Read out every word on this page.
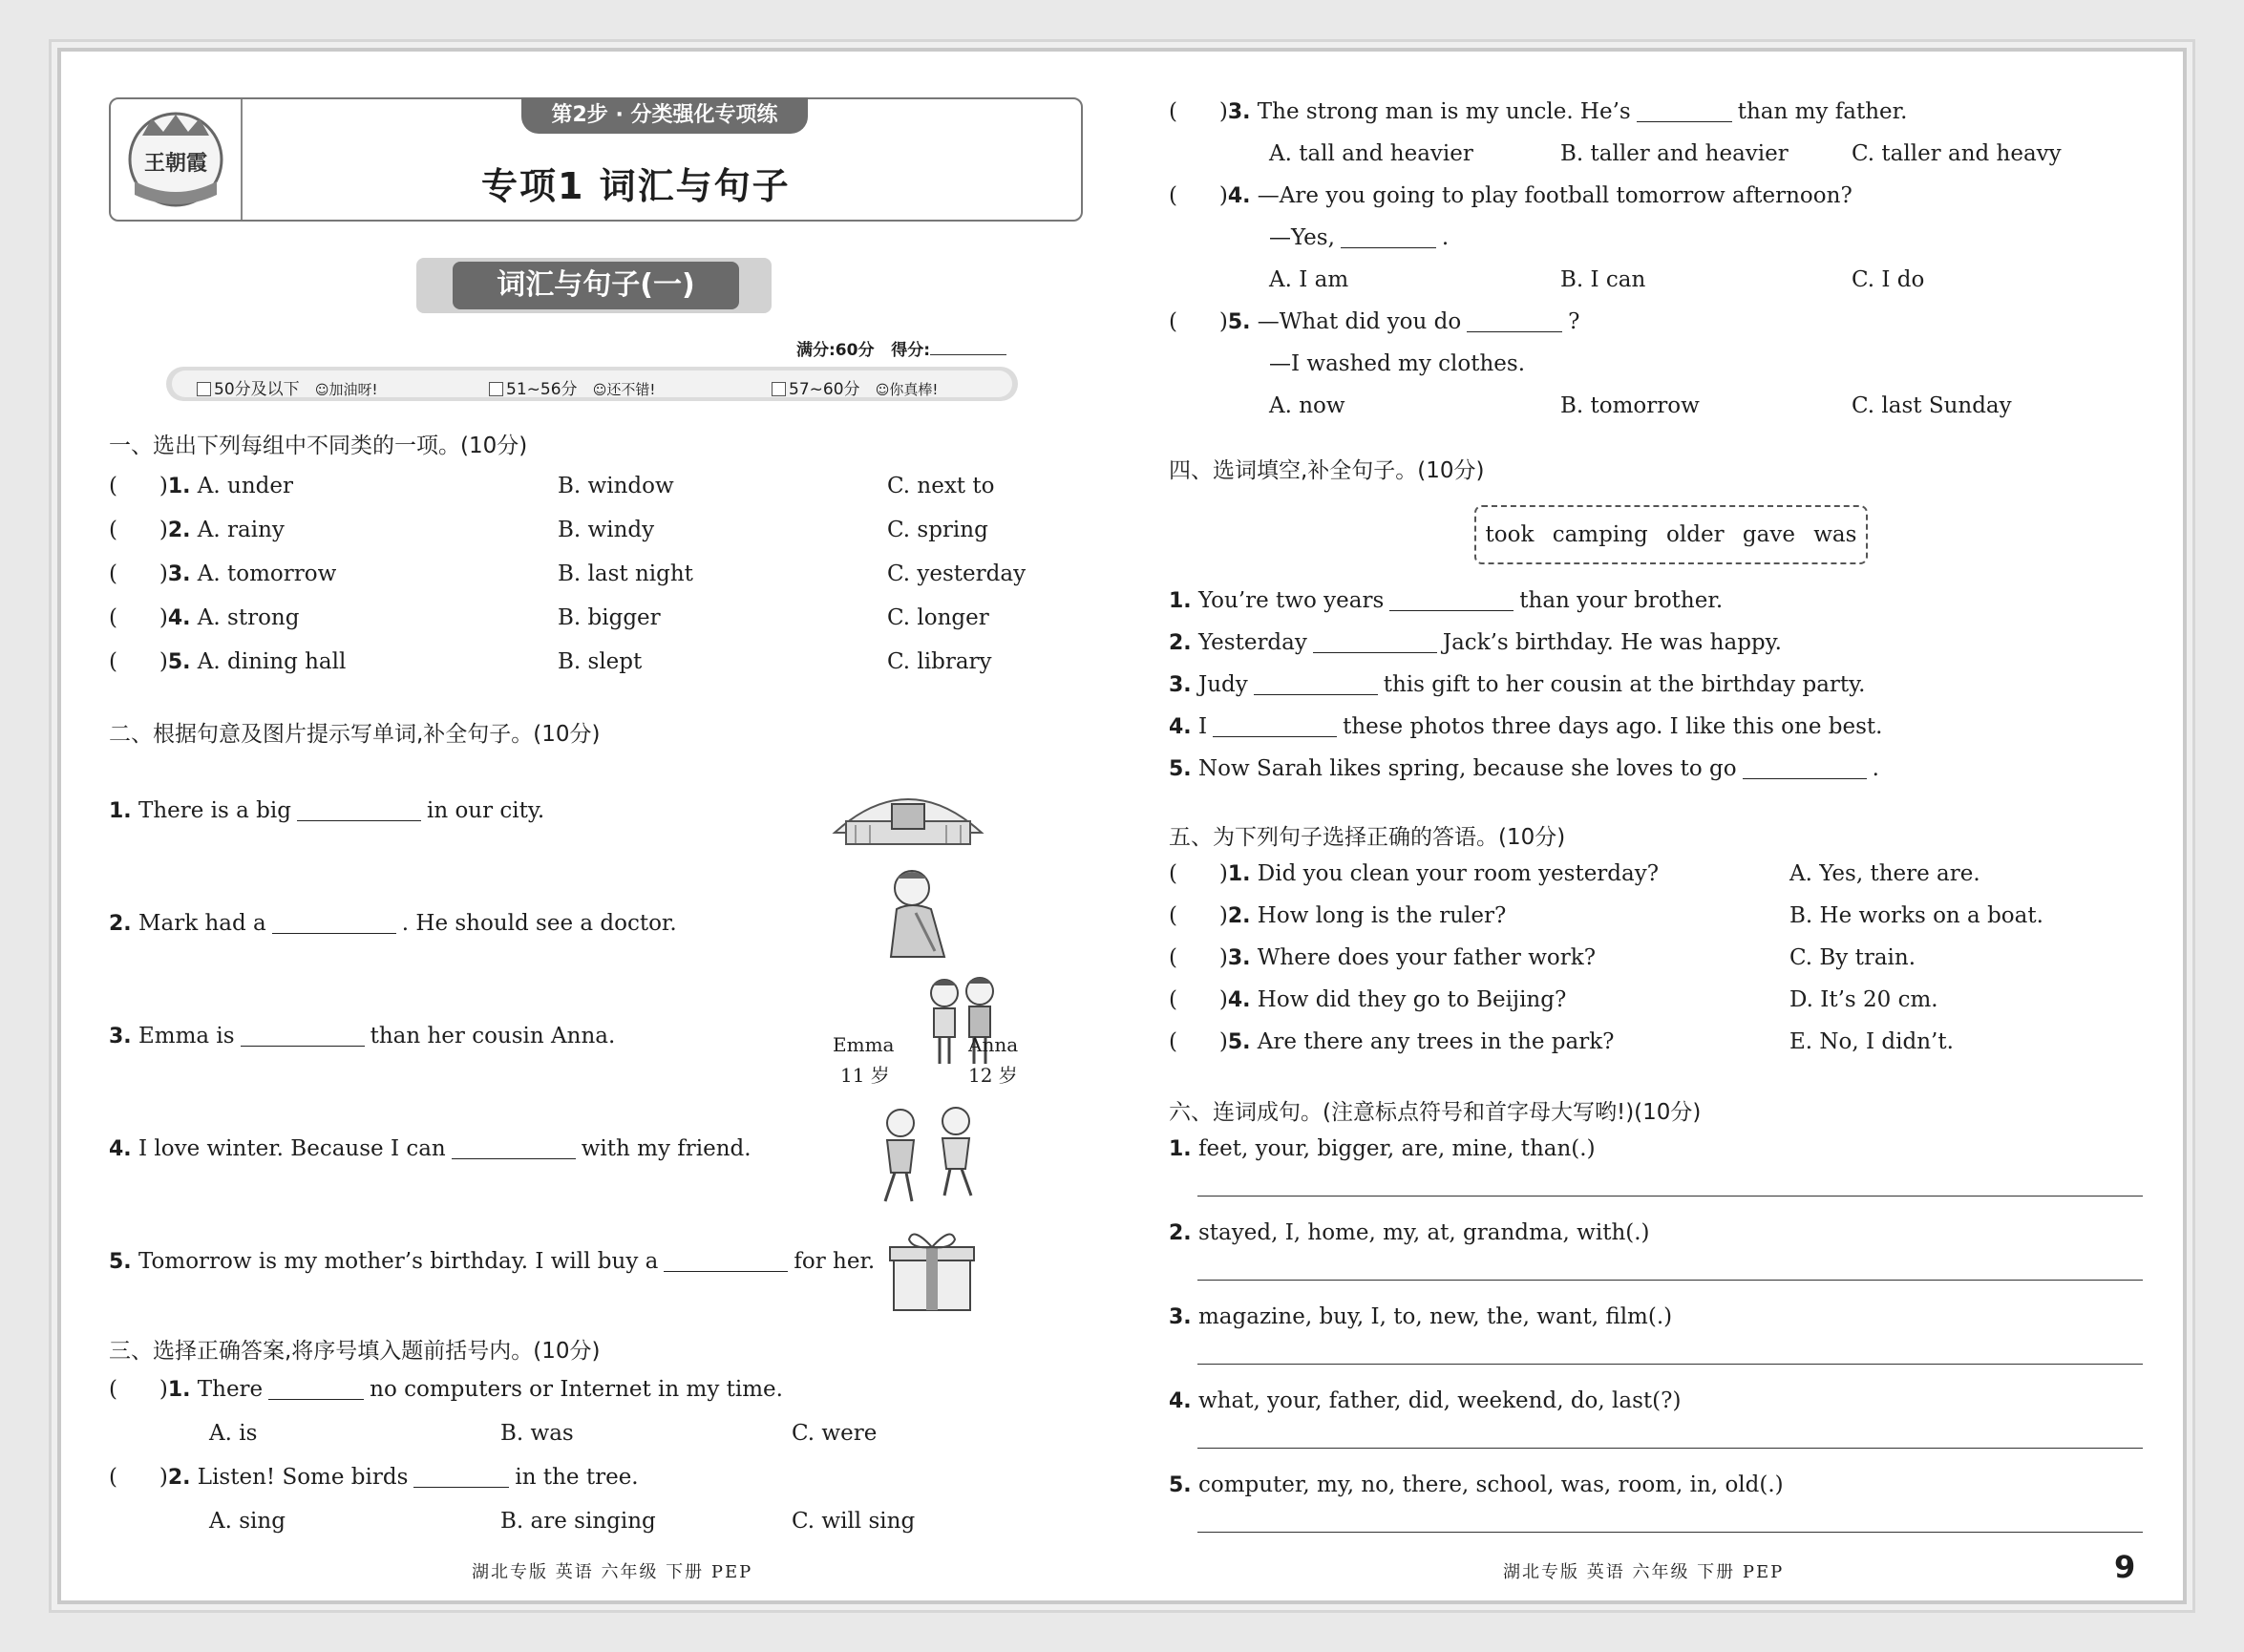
王朝霞
第2步 · 分类强化专项练
专项1 词汇与句子
词汇与句子(一)
满分:60分 得分:
50分及以下 ☺加油呀!	51~56分 ☺还不错!	57~60分 ☺你真棒!
一、选出下列每组中不同类的一项。(10分)
(      )1. A. under	B. window	C. next to
(      )2. A. rainy	B. windy	C. spring
(      )3. A. tomorrow	B. last night	C. yesterday
(      )4. A. strong	B. bigger	C. longer
(      )5. A. dining hall	B. slept	C. library
二、根据句意及图片提示写单词,补全句子。(10分)
1. There is a big	in our city.
2. Mark had a	. He should see a doctor.
3. Emma is	than her cousin Anna.
4. I love winter. Because I can	with my friend.
5. Tomorrow is my mother’s birthday. I will buy a	for her.
Emma
11 岁
Anna
12 岁
三、选择正确答案,将序号填入题前括号内。(10分)
(      )1. There	no computers or Internet in my time.
A. is	B. was	C. were
(      )2. Listen! Some birds	in the tree.
A. sing	B. are singing	C. will sing
湖北专版 英语 六年级 下册 PEP
(      )3. The strong man is my uncle. He’s	than my father.
A. tall and heavier	B. taller and heavier	C. taller and heavy
(      )4. —Are you going to play football tomorrow afternoon?
—Yes,	.
A. I am	B. I can	C. I do
(      )5. —What did you do	?
—I washed my clothes.
A. now	B. tomorrow	C. last Sunday
四、选词填空,补全句子。(10分)
took camping older gave was
1. You’re two years	than your brother.
2. Yesterday	Jack’s birthday. He was happy.
3. Judy	this gift to her cousin at the birthday party.
4. I	these photos three days ago. I like this one best.
5. Now Sarah likes spring, because she loves to go	.
五、为下列句子选择正确的答语。(10分)
(      )1. Did you clean your room yesterday?	A. Yes, there are.
(      )2. How long is the ruler?	B. He works on a boat.
(      )3. Where does your father work?	C. By train.
(      )4. How did they go to Beijing?	D. It’s 20 cm.
(      )5. Are there any trees in the park?	E. No, I didn’t.
六、连词成句。(注意标点符号和首字母大写哟!)(10分)
1. feet, your, bigger, are, mine, than(.)
2. stayed, I, home, my, at, grandma, with(.)
3. magazine, buy, I, to, new, the, want, film(.)
4. what, your, father, did, weekend, do, last(?)
5. computer, my, no, there, school, was, room, in, old(.)
湖北专版 英语 六年级 下册 PEP	9
